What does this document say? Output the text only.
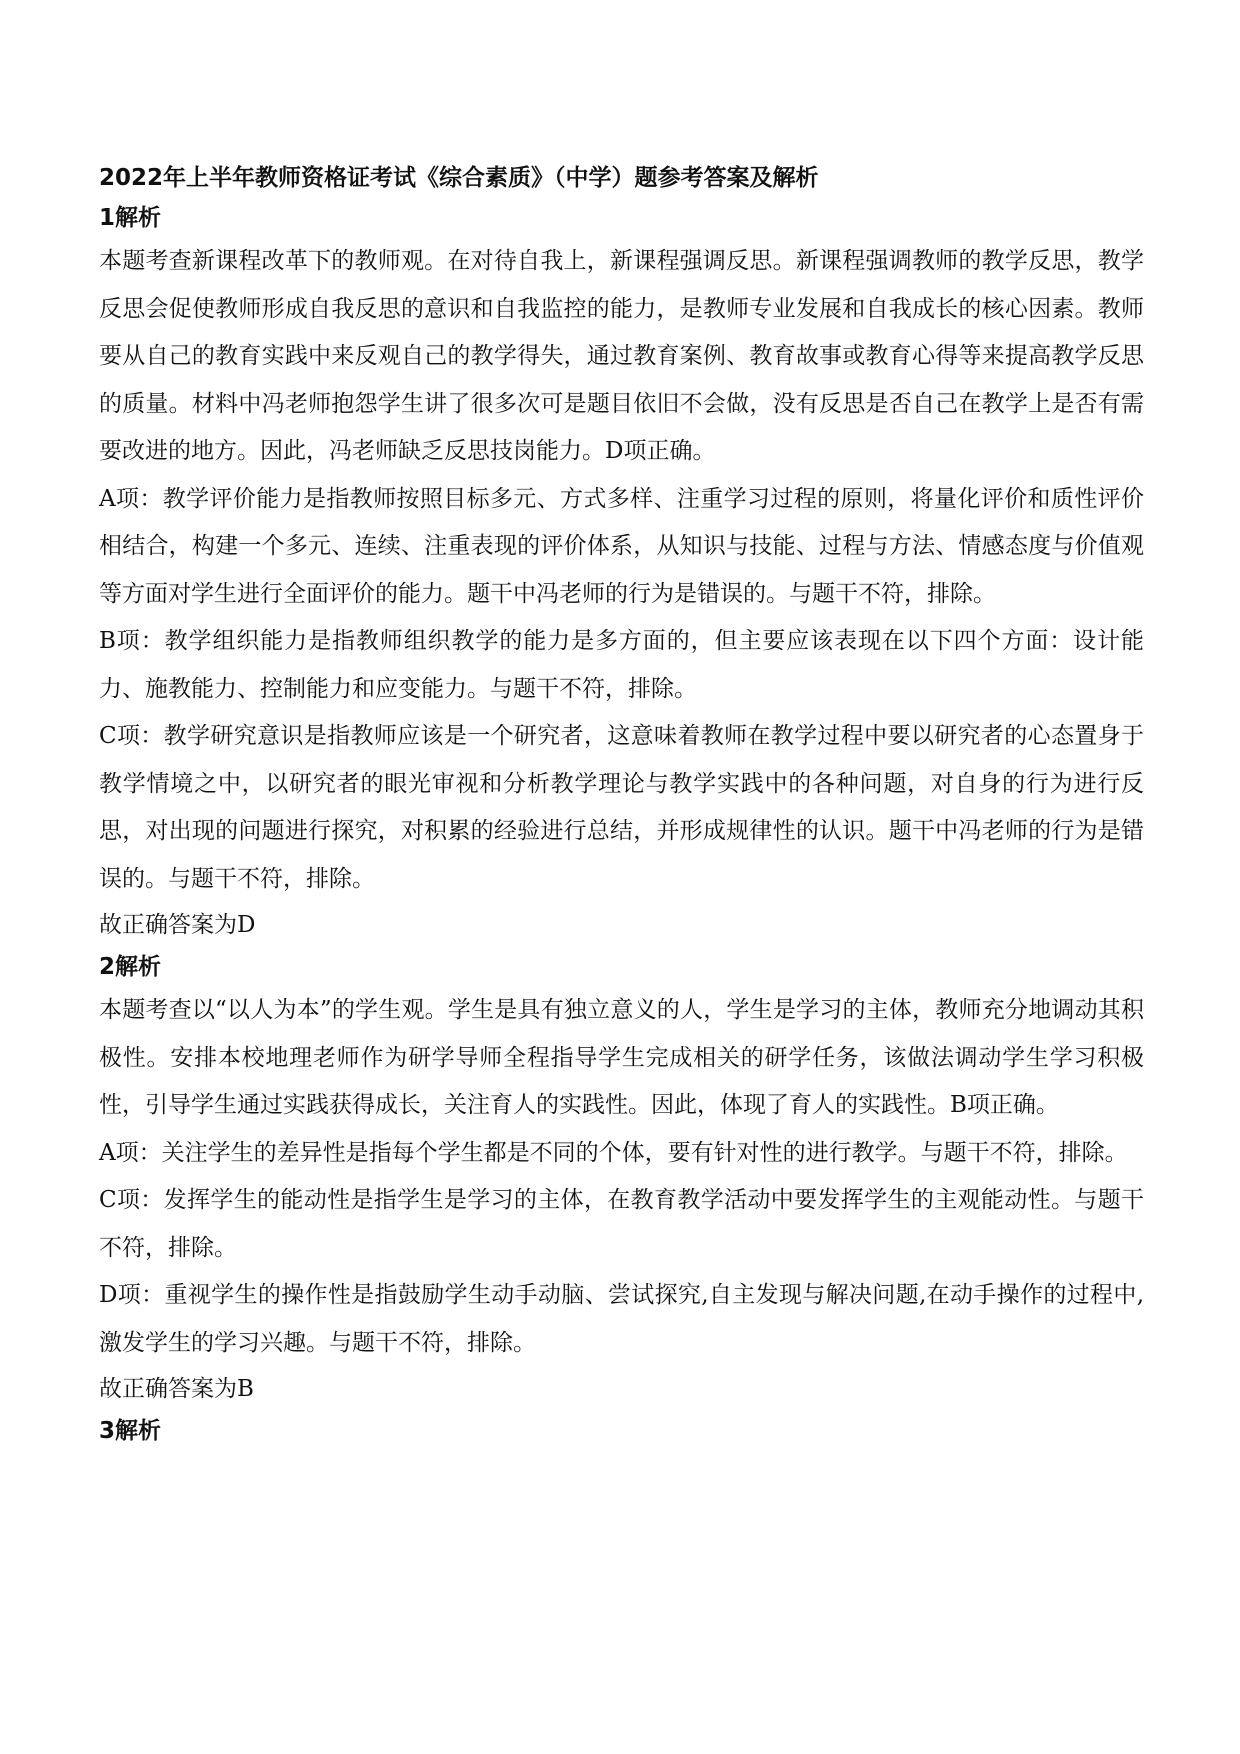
2022年上半年教师资格证考试《综合素质》（中学）题参考答案及解析

1解析

本题考查新课程改革下的教师观。在对待自我上，新课程强调反思。新课程强调教师的教学反思，教学反思会促使教师形成自我反思的意识和自我监控的能力，是教师专业发展和自我成长的核心因素。教师要从自己的教育实践中来反观自己的教学得失，通过教育案例、教育故事或教育心得等来提高教学反思的质量。材料中冯老师抱怨学生讲了很多次可是题目依旧不会做，没有反思是否自己在教学上是否有需要改进的地方。因此，冯老师缺乏反思技岗能力。D项正确。

A项：教学评价能力是指教师按照目标多元、方式多样、注重学习过程的原则，将量化评价和质性评价相结合，构建一个多元、连续、注重表现的评价体系，从知识与技能、过程与方法、情感态度与价值观等方面对学生进行全面评价的能力。题干中冯老师的行为是错误的。与题干不符，排除。

B项：教学组织能力是指教师组织教学的能力是多方面的，但主要应该表现在以下四个方面：设计能力、施教能力、控制能力和应变能力。与题干不符，排除。

C项：教学研究意识是指教师应该是一个研究者，这意味着教师在教学过程中要以研究者的心态置身于教学情境之中，以研究者的眼光审视和分析教学理论与教学实践中的各种问题，对自身的行为进行反思，对出现的问题进行探究，对积累的经验进行总结，并形成规律性的认识。题干中冯老师的行为是错误的。与题干不符，排除。

故正确答案为D

2解析

本题考查以“以人为本”的学生观。学生是具有独立意义的人，学生是学习的主体，教师充分地调动其积极性。安排本校地理老师作为研学导师全程指导学生完成相关的研学任务，该做法调动学生学习积极性，引导学生通过实践获得成长，关注育人的实践性。因此，体现了育人的实践性。B项正确。

A项：关注学生的差异性是指每个学生都是不同的个体，要有针对性的进行教学。与题干不符，排除。

C项：发挥学生的能动性是指学生是学习的主体，在教育教学活动中要发挥学生的主观能动性。与题干不符，排除。

D项：重视学生的操作性是指鼓励学生动手动脑、尝试探究,自主发现与解决问题,在动手操作的过程中,激发学生的学习兴趣。与题干不符，排除。

故正确答案为B

3解析
